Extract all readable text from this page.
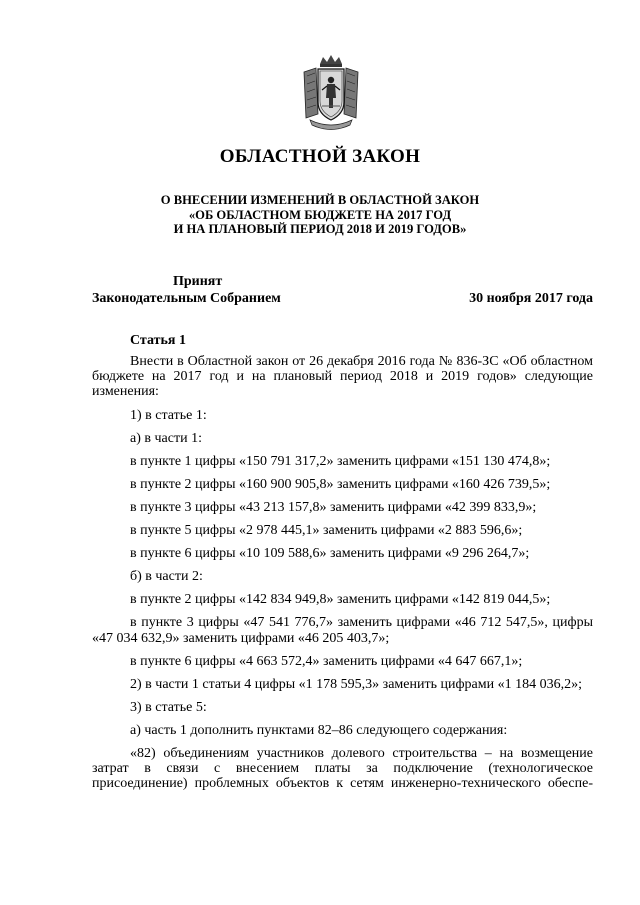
ОБЛАСТНОЙ ЗАКОН
О ВНЕСЕНИИ ИЗМЕНЕНИЙ В ОБЛАСТНОЙ ЗАКОН
«ОБ ОБЛАСТНОМ БЮДЖЕТЕ НА 2017 ГОД
И НА ПЛАНОВЫЙ ПЕРИОД 2018 И 2019 ГОДОВ»
Принят
Законодательным Собранием	30 ноября 2017 года
Статья 1

Внести в Областной закон от 26 декабря 2016 года № 836-ЗС «Об областном бюджете на 2017 год и на плановый период 2018 и 2019 годов» следующие изменения:

1) в статье 1:

а) в части 1:

в пункте 1 цифры «150 791 317,2» заменить цифрами «151 130 474,8»;

в пункте 2 цифры «160 900 905,8» заменить цифрами «160 426 739,5»;

в пункте 3 цифры «43 213 157,8» заменить цифрами «42 399 833,9»;

в пункте 5 цифры «2 978 445,1» заменить цифрами «2 883 596,6»;

в пункте 6 цифры «10 109 588,6» заменить цифрами «9 296 264,7»;

б) в части 2:

в пункте 2 цифры «142 834 949,8» заменить цифрами «142 819 044,5»;

в пункте 3 цифры «47 541 776,7» заменить цифрами «46 712 547,5», цифры «47 034 632,9» заменить цифрами «46 205 403,7»;

в пункте 6 цифры «4 663 572,4» заменить цифрами «4 647 667,1»;

2) в части 1 статьи 4 цифры «1 178 595,3» заменить цифрами «1 184 036,2»;

3) в статье 5:

а) часть 1 дополнить пунктами 82–86 следующего содержания:

«82) объединениям участников долевого строительства – на возмещение затрат в связи с внесением платы за подключение (технологическое присоединение) проблемных объектов к сетям инженерно-технического обеспе-
